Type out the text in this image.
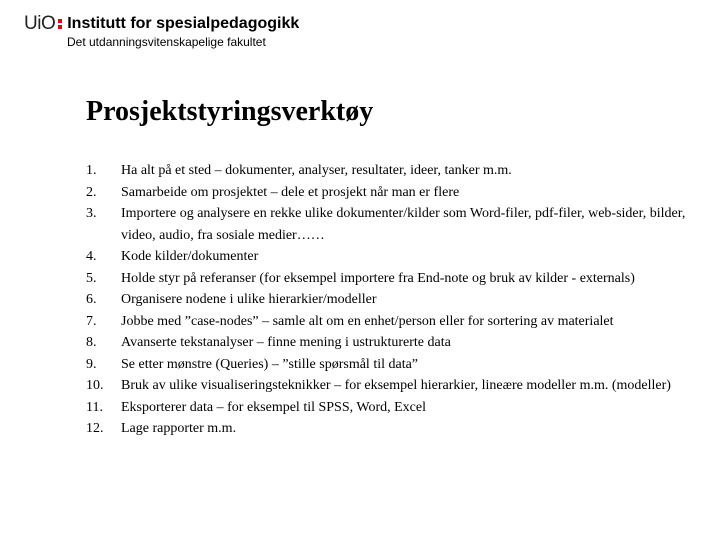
UiO Institutt for spesialpedagogikk
Det utdanningsvitenskapelige fakultet
Prosjektstyringsverktøy
1.	Ha alt på et sted – dokumenter, analyser, resultater, ideer, tanker m.m.
2.	Samarbeide om prosjektet – dele et prosjekt når man er flere
3.	Importere og analysere en rekke ulike dokumenter/kilder som Word-filer, pdf-filer, web-sider, bilder, video, audio, fra sosiale medier……
4.	Kode kilder/dokumenter
5.	Holde styr på referanser (for eksempel importere fra End-note og bruk av kilder - externals)
6.	Organisere nodene i ulike hierarkier/modeller
7.	Jobbe med ”case-nodes” – samle alt om en enhet/person eller for sortering av materialet
8.	Avanserte tekstanalyser – finne mening i ustrukturerte data
9.	Se etter mønstre (Queries) – ”stille spørsmål til data”
10.	Bruk av ulike visualiseringsteknikker – for eksempel hierarkier, lineære modeller m.m. (modeller)
11.	Eksporterer data – for eksempel til SPSS, Word, Excel
12.	Lage rapporter m.m.
